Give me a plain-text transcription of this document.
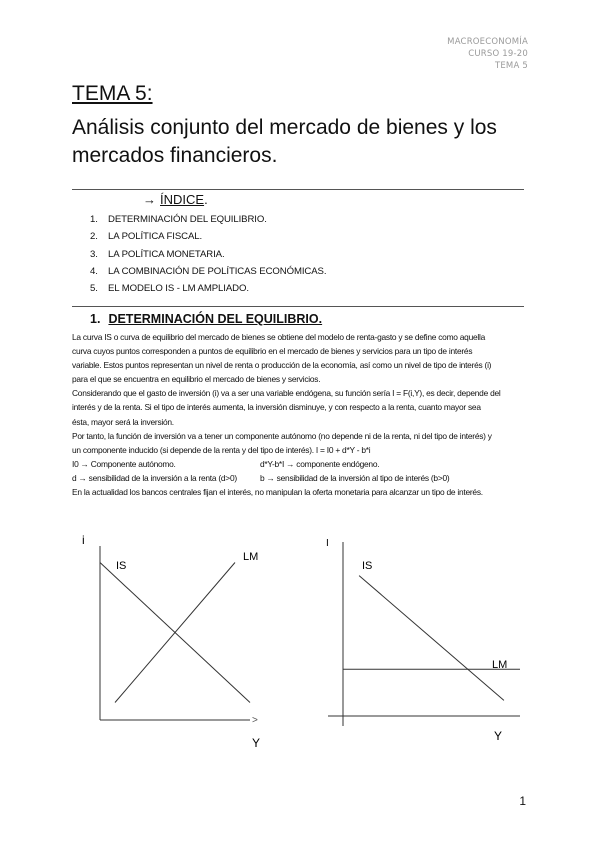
MACROECONOMÍA
CURSO 19-20
TEMA 5
TEMA 5:
Análisis conjunto del mercado de bienes y los mercados financieros.
→ ÍNDICE.
1.	DETERMINACIÓN DEL EQUILIBRIO.
2.	LA POLÍTICA FISCAL.
3.	LA POLÍTICA MONETARIA.
4.	LA COMBINACIÓN DE POLÍTICAS ECONÓMICAS.
5.	EL MODELO IS - LM AMPLIADO.
1. DETERMINACIÓN DEL EQUILIBRIO.

La curva IS o curva de equilibrio del mercado de bienes se obtiene del modelo de renta-gasto y se define como aquella

curva cuyos puntos corresponden a puntos de equilibrio en el mercado de bienes y servicios para un tipo de interés

variable. Estos puntos representan un nivel de renta o producción de la economía, así como un nivel de tipo de interés (i)

para el que se encuentra en equilibrio el mercado de bienes y servicios.

Considerando que el gasto de inversión (i) va a ser una variable endógena, su función sería I = F(i,Y), es decir, depende del

interés y de la renta. Si el tipo de interés aumenta, la inversión disminuye, y con respecto a la renta, cuanto mayor sea

ésta, mayor será la inversión.

Por tanto, la función de inversión va a tener un componente autónomo (no depende ni de la renta, ni del tipo de interés) y

un componente inducido (si depende de la renta y del tipo de interés). I = I0 + d*Y - b*i

I0 → Componente autónomo.	d*Y-b*I → componente endógeno.
d → sensibilidad de la inversión a la renta (d>0)	b → sensibilidad de la inversión al tipo de interés (b>0)

En la actualidad los bancos centrales fijan el interés, no manipulan la oferta monetaria para alcanzar un tipo de interés.

i
>
Y
IS
LM
I
Y
IS
LM
1
